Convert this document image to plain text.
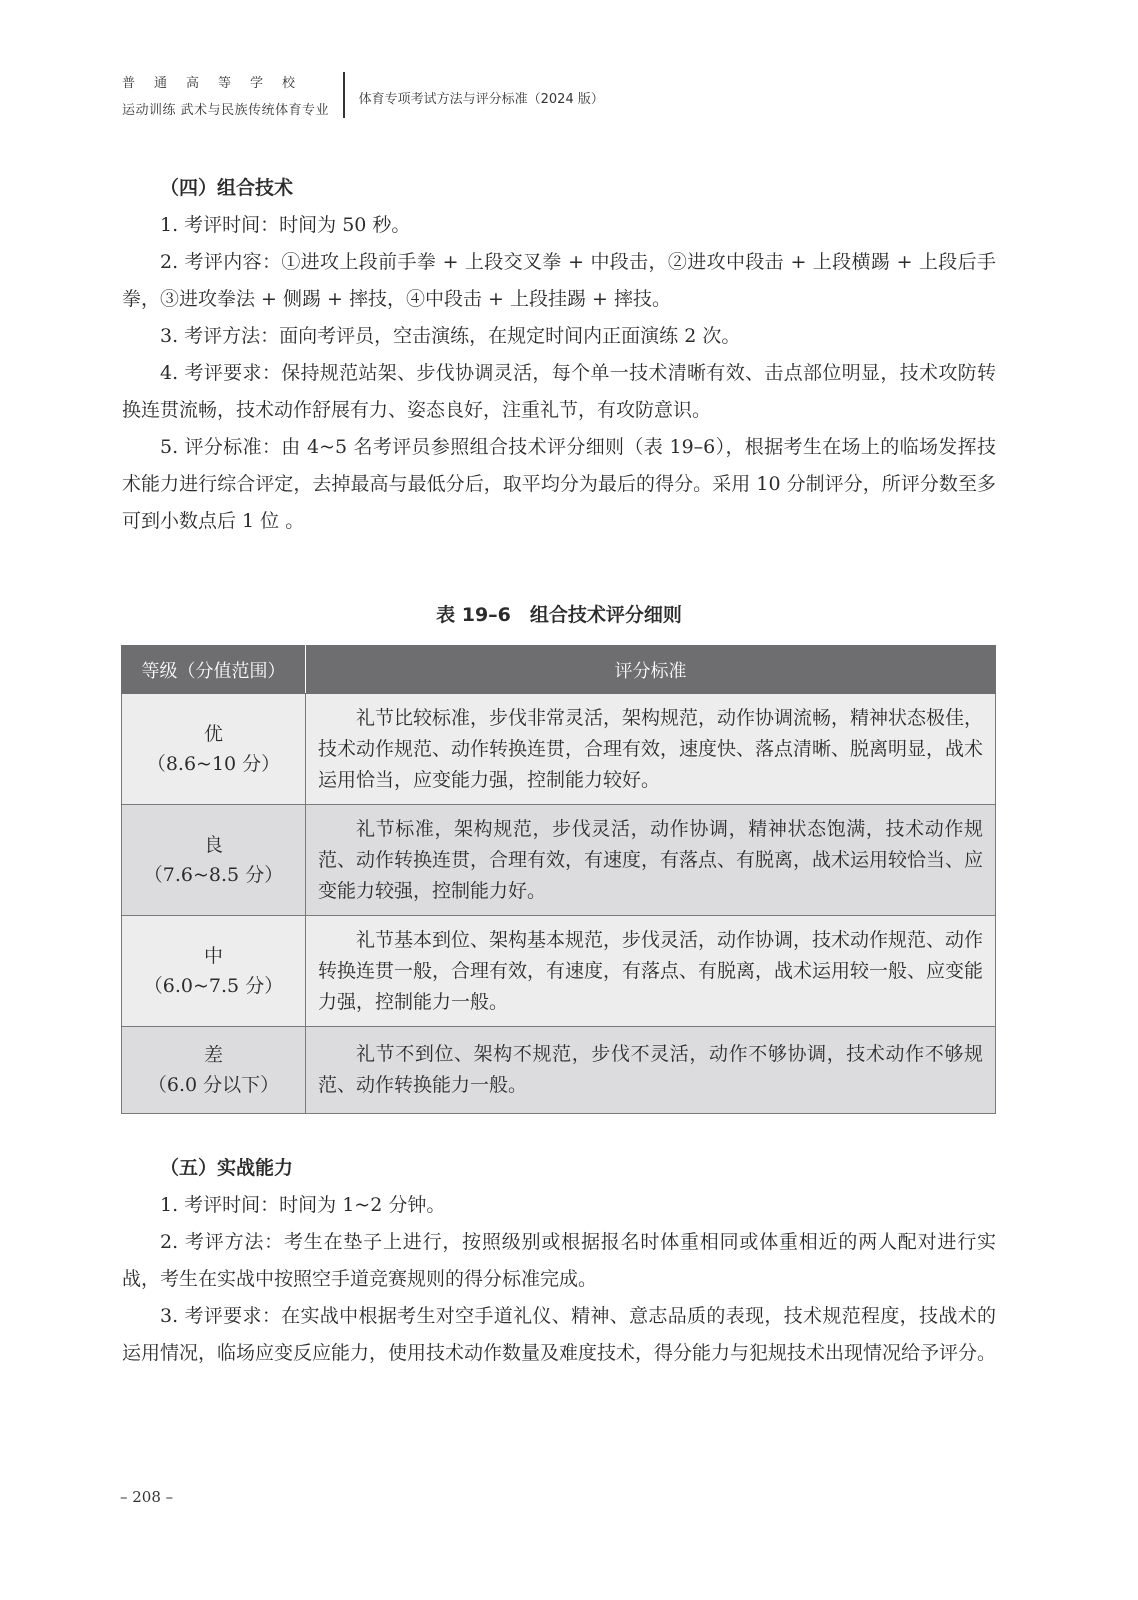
普通高等学校
运动训练 武术与民族传统体育专业
体育专项考试方法与评分标准（2024 版）

（四）组合技术

1. 考评时间：时间为 50 秒。

2. 考评内容：①进攻上段前手拳 + 上段交叉拳 + 中段击，②进攻中段击 + 上段横踢 + 上段后手拳，③进攻拳法 + 侧踢 + 摔技，④中段击 + 上段挂踢 + 摔技。

3. 考评方法：面向考评员，空击演练，在规定时间内正面演练 2 次。

4. 考评要求：保持规范站架、步伐协调灵活，每个单一技术清晰有效、击点部位明显，技术攻防转换连贯流畅，技术动作舒展有力、姿态良好，注重礼节，有攻防意识。

5. 评分标准：由 4~5 名考评员参照组合技术评分细则（表 19–6），根据考生在场上的临场发挥技术能力进行综合评定，去掉最高与最低分后，取平均分为最后的得分。采用 10 分制评分，所评分数至多可到小数点后 1 位 。

表 19–6　组合技术评分细则
等级（分值范围）	评分标准

优
（8.6~10 分）	礼节比较标准，步伐非常灵活，架构规范，动作协调流畅，精神状态极佳，技术动作规范、动作转换连贯，合理有效，速度快、落点清晰、脱离明显，战术运用恰当，应变能力强，控制能力较好。

良
（7.6~8.5 分）	礼节标准，架构规范，步伐灵活，动作协调，精神状态饱满，技术动作规范、动作转换连贯，合理有效，有速度，有落点、有脱离，战术运用较恰当、应变能力较强，控制能力好。

中
（6.0~7.5 分）	礼节基本到位、架构基本规范，步伐灵活，动作协调，技术动作规范、动作转换连贯一般，合理有效，有速度，有落点、有脱离，战术运用较一般、应变能力强，控制能力一般。

差
（6.0 分以下）	礼节不到位、架构不规范，步伐不灵活，动作不够协调，技术动作不够规范、动作转换能力一般。

（五）实战能力

1. 考评时间：时间为 1~2 分钟。

2. 考评方法：考生在垫子上进行，按照级别或根据报名时体重相同或体重相近的两人配对进行实战，考生在实战中按照空手道竞赛规则的得分标准完成。

3. 考评要求：在实战中根据考生对空手道礼仪、精神、意志品质的表现，技术规范程度，技战术的运用情况，临场应变反应能力，使用技术动作数量及难度技术，得分能力与犯规技术出现情况给予评分。

– 208 –
